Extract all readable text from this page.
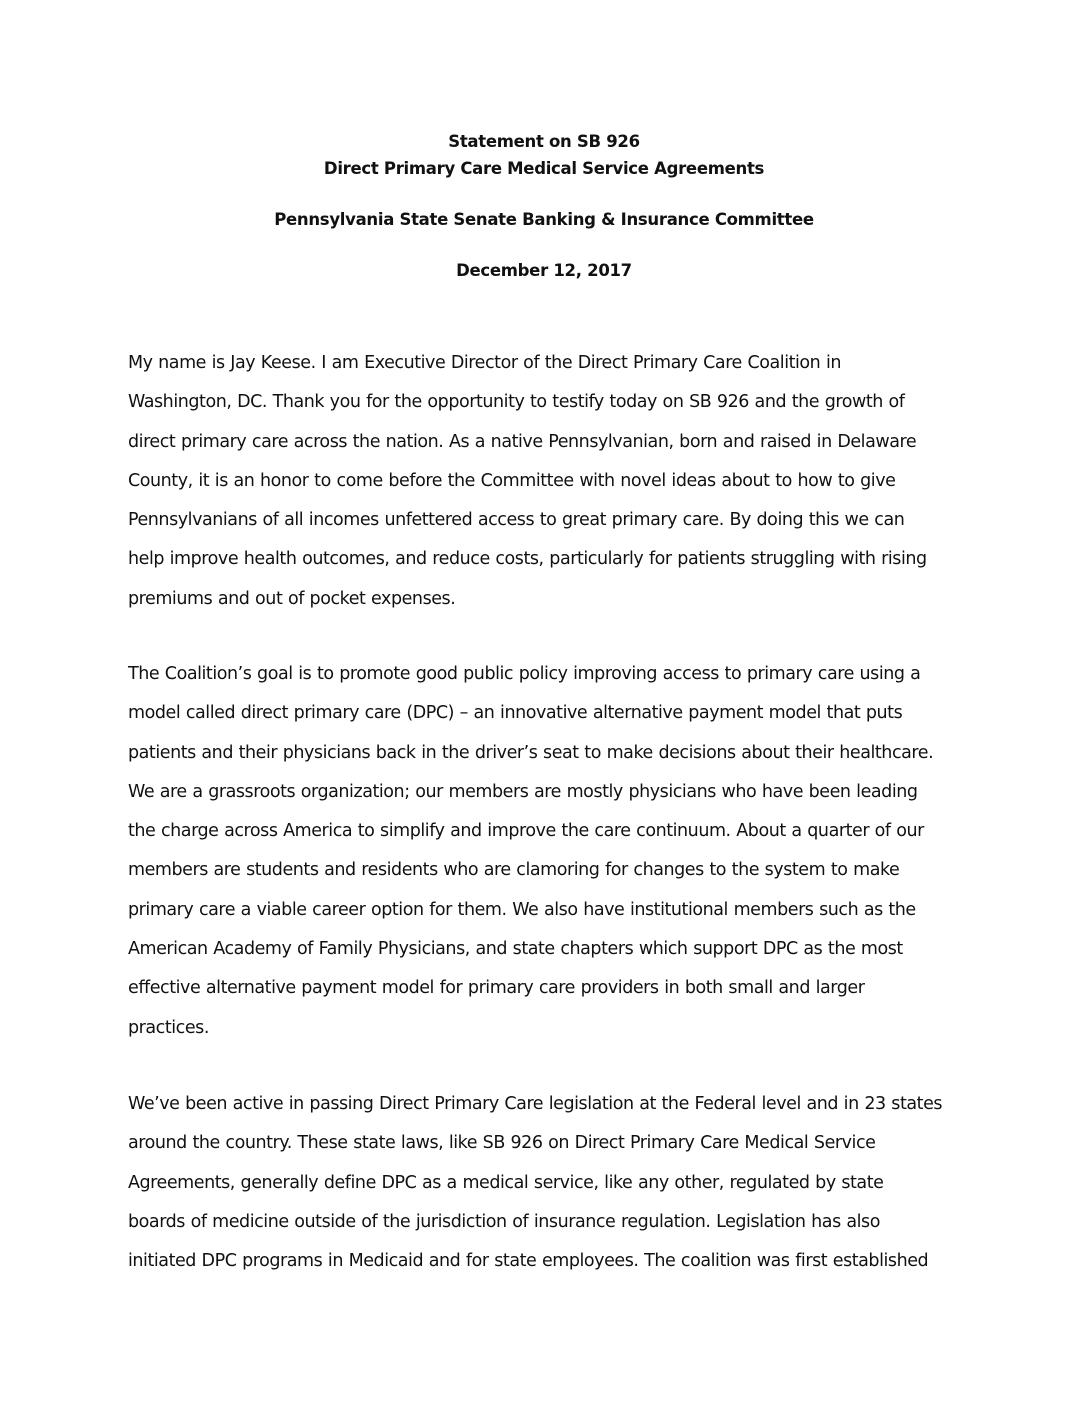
Statement on SB 926
Direct Primary Care Medical Service Agreements
Pennsylvania State Senate Banking & Insurance Committee
December 12, 2017
My name is Jay Keese. I am Executive Director of the Direct Primary Care Coalition in
Washington, DC. Thank you for the opportunity to testify today on SB 926 and the growth of
direct primary care across the nation. As a native Pennsylvanian, born and raised in Delaware
County, it is an honor to come before the Committee with novel ideas about to how to give
Pennsylvanians of all incomes unfettered access to great primary care. By doing this we can
help improve health outcomes, and reduce costs, particularly for patients struggling with rising
premiums and out of pocket expenses.
The Coalition’s goal is to promote good public policy improving access to primary care using a
model called direct primary care (DPC) – an innovative alternative payment model that puts
patients and their physicians back in the driver’s seat to make decisions about their healthcare.
We are a grassroots organization; our members are mostly physicians who have been leading
the charge across America to simplify and improve the care continuum. About a quarter of our
members are students and residents who are clamoring for changes to the system to make
primary care a viable career option for them. We also have institutional members such as the
American Academy of Family Physicians, and state chapters which support DPC as the most
effective alternative payment model for primary care providers in both small and larger
practices.
We’ve been active in passing Direct Primary Care legislation at the Federal level and in 23 states
around the country. These state laws, like SB 926 on Direct Primary Care Medical Service
Agreements, generally define DPC as a medical service, like any other, regulated by state
boards of medicine outside of the jurisdiction of insurance regulation. Legislation has also
initiated DPC programs in Medicaid and for state employees. The coalition was first established
